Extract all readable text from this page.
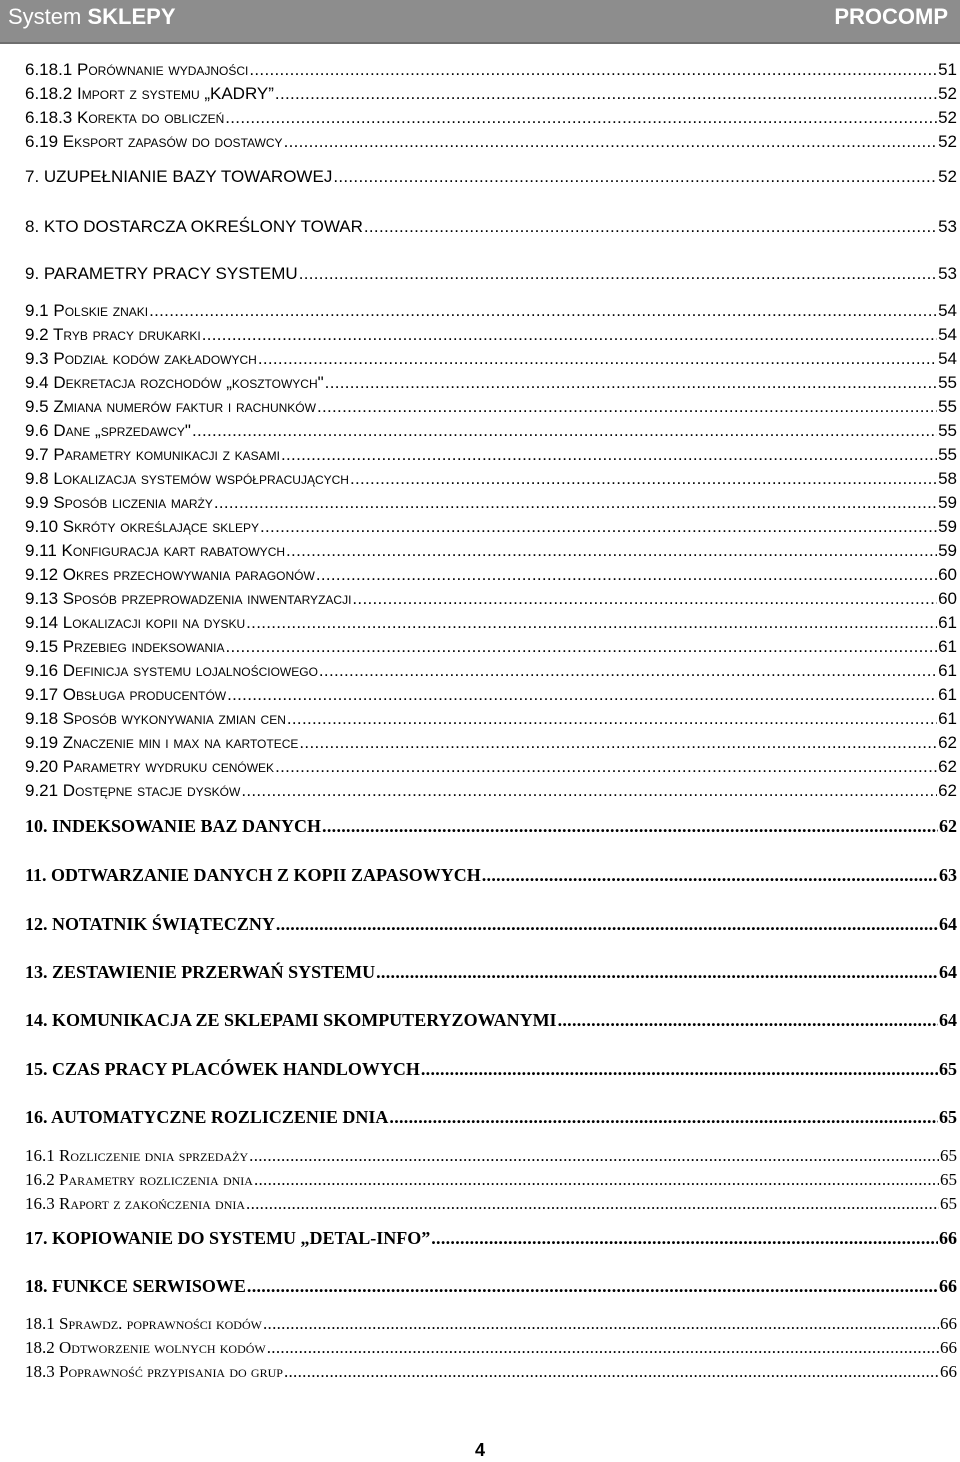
System SKLEPY	PROCOMP
6.18.1 Porównanie wydajności .....	51
6.18.2 Import z systemu „KADRY” .....	52
6.18.3 Korekta do obliczeń .....	52
6.19 Eksport zapasów do dostawcy .....	52
7. UZUPEŁNIANIE BAZY TOWAROWEJ .....	52
8. KTO DOSTARCZA OKREŚLONY TOWAR .....	53
9. PARAMETRY PRACY SYSTEMU .....	53
9.1 Polskie znaki .....	54
9.2 Tryb pracy drukarki .....	54
9.3 Podział kodów zakładowych .....	54
9.4 Dekretacja rozchodów „kosztowych" .....	55
9.5 Zmiana numerów faktur i rachunków .....	55
9.6 Dane „sprzedawcy" .....	55
9.7 Parametry komunikacji z kasami .....	55
9.8 Lokalizacja systemów współpracujących .....	58
9.9 Sposób liczenia marży .....	59
9.10 Skróty określające sklepy .....	59
9.11 Konfiguracja kart rabatowych .....	59
9.12 Okres przechowywania paragonów .....	60
9.13 Sposób przeprowadzenia inwentaryzacji .....	60
9.14 Lokalizacji kopii na dysku .....	61
9.15 Przebieg indeksowania .....	61
9.16 Definicja systemu lojalnościowego .....	61
9.17 Obsługa producentów .....	61
9.18 Sposób wykonywania zmian cen .....	61
9.19 Znaczenie min i max na kartotece .....	62
9.20 Parametry wydruku cenówek .....	62
9.21 Dostępne stacje dysków .....	62
10. INDEKSOWANIE BAZ DANYCH .....	62
11. ODTWARZANIE DANYCH Z KOPII ZAPASOWYCH .....	63
12. NOTATNIK ŚWIĄTECZNY .....	64
13. ZESTAWIENIE PRZERWAŃ SYSTEMU .....	64
14. KOMUNIKACJA ZE SKLEPAMI SKOMPUTERYZOWANYMI .....	64
15. CZAS PRACY PLACÓWEK HANDLOWYCH .....	65
16. AUTOMATYCZNE ROZLICZENIE DNIA .....	65
16.1 Rozliczenie dnia sprzedaży .....	65
16.2 Parametry rozliczenia dnia .....	65
16.3 Raport z zakończenia dnia .....	65
17. KOPIOWANIE DO SYSTEMU „DETAL-INFO” .....	66
18. FUNKCE SERWISOWE .....	66
18.1 Sprawdz. poprawności kodów .....	66
18.2 Odtworzenie wolnych kodów .....	66
18.3 Poprawność przypisania do grup .....	66
4
